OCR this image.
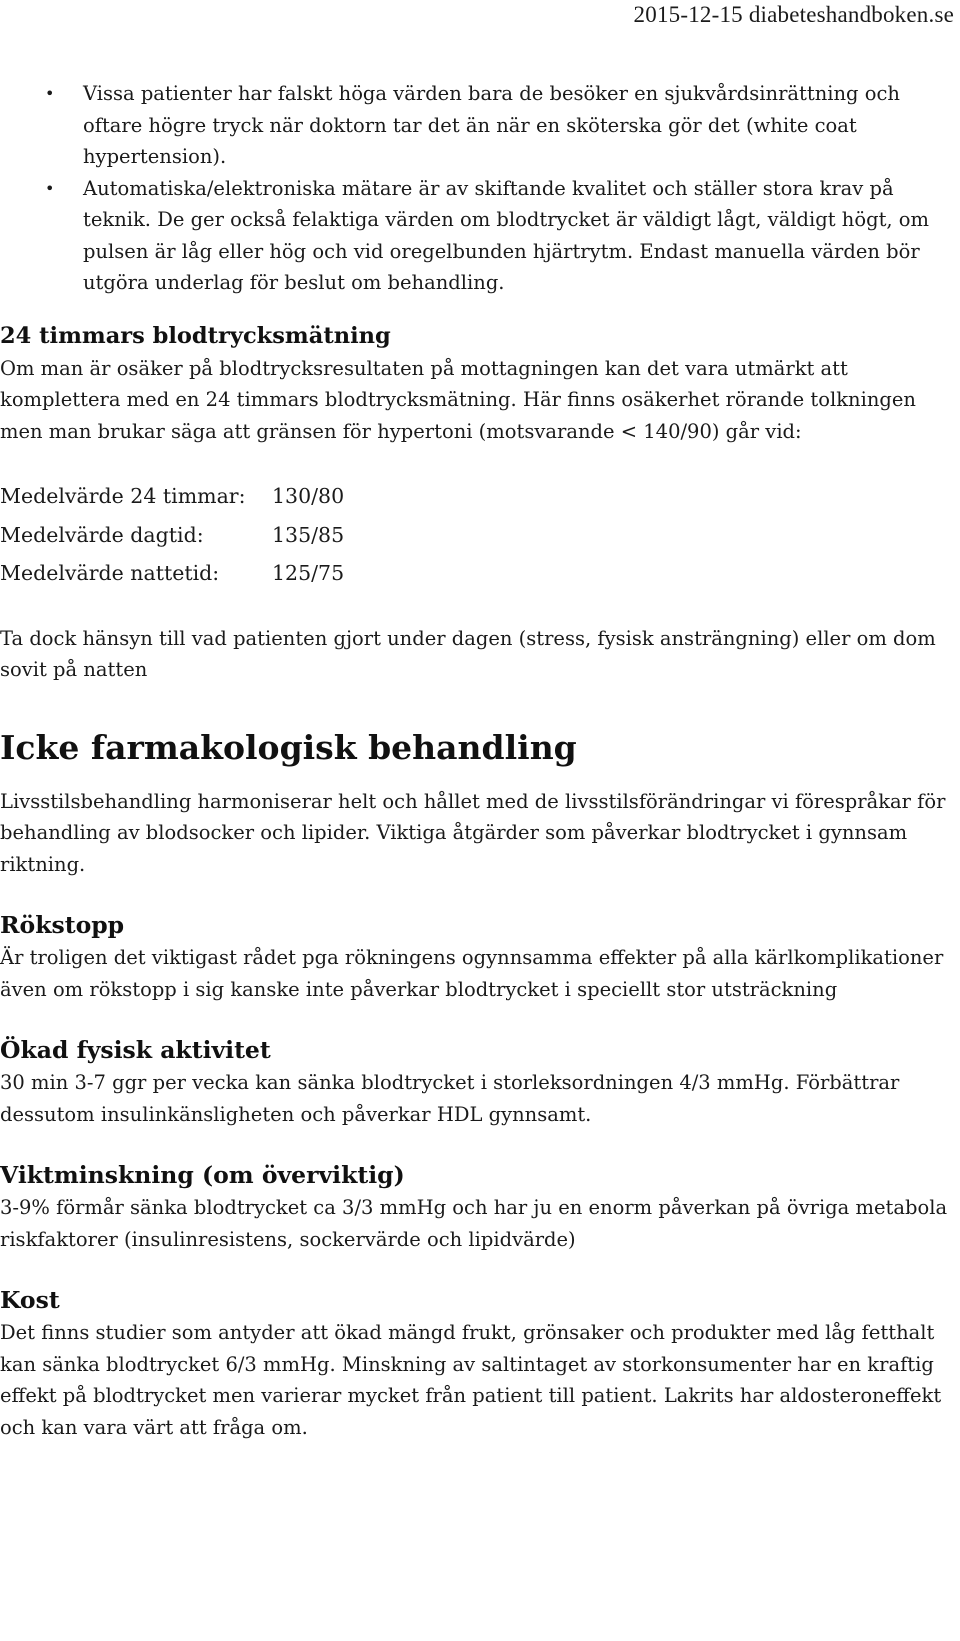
2015-12-15 diabeteshandboken.se
• Vissa patienter har falskt höga värden bara de besöker en sjukvårdsinrättning och oftare högre tryck när doktorn tar det än när en sköterska gör det (white coat hypertension).
• Automatiska/elektroniska mätare är av skiftande kvalitet och ställer stora krav på teknik. De ger också felaktiga värden om blodtrycket är väldigt lågt, väldigt högt, om pulsen är låg eller hög och vid oregelbunden hjärtrytm. Endast manuella värden bör utgöra underlag för beslut om behandling.
24 timmars blodtrycksmätning

Om man är osäker på blodtrycksresultaten på mottagningen kan det vara utmärkt att komplettera med en 24 timmars blodtrycksmätning. Här finns osäkerhet rörande tolkningen men man brukar säga att gränsen för hypertoni (motsvarande < 140/90) går vid:

Medelvärde 24 timmar:	130/80
Medelvärde dagtid:	135/85
Medelvärde nattetid:	125/75

Ta dock hänsyn till vad patienten gjort under dagen (stress, fysisk ansträngning) eller om dom sovit på natten

Icke farmakologisk behandling

Livsstilsbehandling harmoniserar helt och hållet med de livsstilsförändringar vi förespråkar för behandling av blodsocker och lipider. Viktiga åtgärder som påverkar blodtrycket i gynnsam riktning.

Rökstopp

Är troligen det viktigast rådet pga rökningens ogynnsamma effekter på alla kärlkomplikationer även om rökstopp i sig kanske inte påverkar blodtrycket i speciellt stor utsträckning

Ökad fysisk aktivitet

30 min 3-7 ggr per vecka kan sänka blodtrycket i storleksordningen 4/3 mmHg. Förbättrar dessutom insulinkänsligheten och påverkar HDL gynnsamt.

Viktminskning (om överviktig)

3-9% förmår sänka blodtrycket ca 3/3 mmHg och har ju en enorm påverkan på övriga metabola riskfaktorer (insulinresistens, sockervärde och lipidvärde)

Kost

Det finns studier som antyder att ökad mängd frukt, grönsaker och produkter med låg fetthalt kan sänka blodtrycket 6/3 mmHg. Minskning av saltintaget av storkonsumenter har en kraftig effekt på blodtrycket men varierar mycket från patient till patient. Lakrits har aldosteroneffekt och kan vara värt att fråga om.
